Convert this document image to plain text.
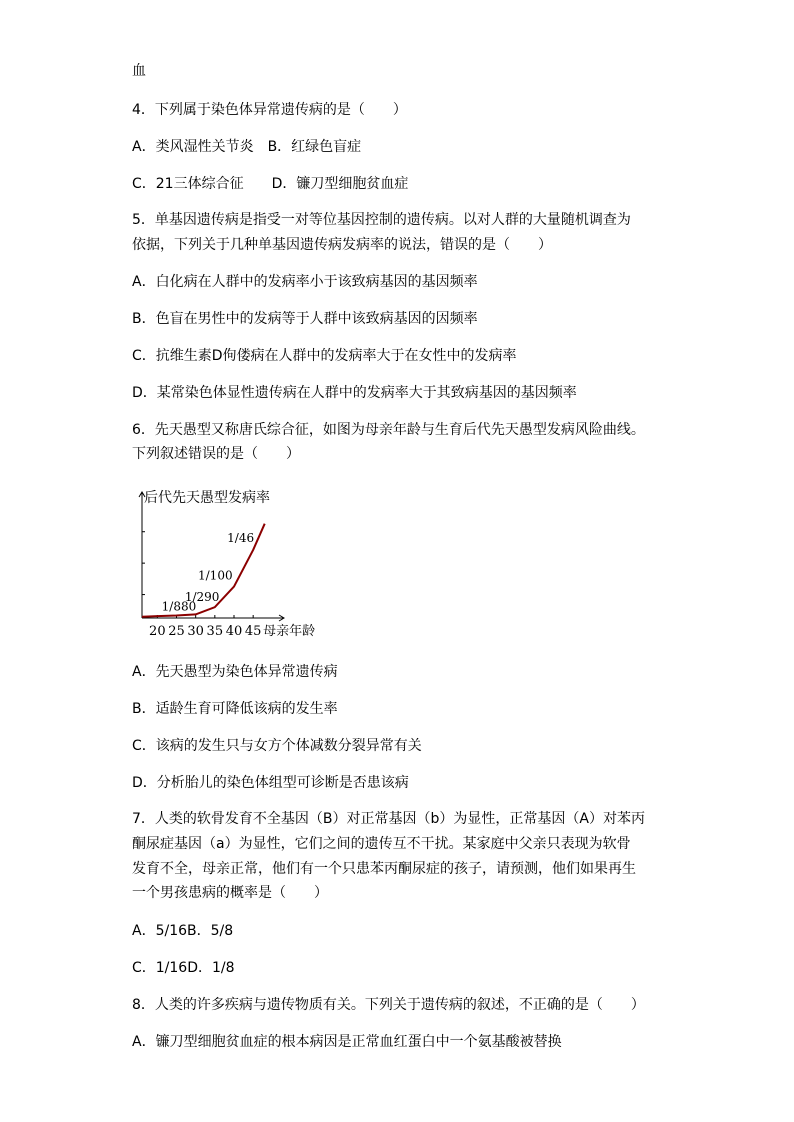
血
4．下列属于染色体异常遗传病的是（　　）
A．类风湿性关节炎　B．红绿色盲症
C．21三体综合征　　D．镰刀型细胞贫血症
5．单基因遗传病是指受一对等位基因控制的遗传病。以对人群的大量随机调查为
依据，下列关于几种单基因遗传病发病率的说法，错误的是（　　）
A．白化病在人群中的发病率小于该致病基因的基因频率
B．色盲在男性中的发病等于人群中该致病基因的因频率
C．抗维生素D佝偻病在人群中的发病率大于在女性中的发病率
D．某常染色体显性遗传病在人群中的发病率大于其致病基因的基因频率
6．先天愚型又称唐氏综合征，如图为母亲年龄与生育后代先天愚型发病风险曲线。
下列叙述错误的是（　　）
20 25 30 35 40 45 母亲年龄
后代先天愚型发病率
1/880
1/290
1/100
1/46
A．先天愚型为染色体异常遗传病
B．适龄生育可降低该病的发生率
C．该病的发生只与女方个体减数分裂异常有关
D．分析胎儿的染色体组型可诊断是否患该病
7．人类的软骨发育不全基因（B）对正常基因（b）为显性，正常基因（A）对苯丙
酮尿症基因（a）为显性，它们之间的遗传互不干扰。某家庭中父亲只表现为软骨
发育不全，母亲正常，他们有一个只患苯丙酮尿症的孩子，请预测，他们如果再生
一个男孩患病的概率是（　　）
A．5/16B．5/8
C．1/16D．1/8
8．人类的许多疾病与遗传物质有关。下列关于遗传病的叙述，不正确的是（　　）
A．镰刀型细胞贫血症的根本病因是正常血红蛋白中一个氨基酸被替换
